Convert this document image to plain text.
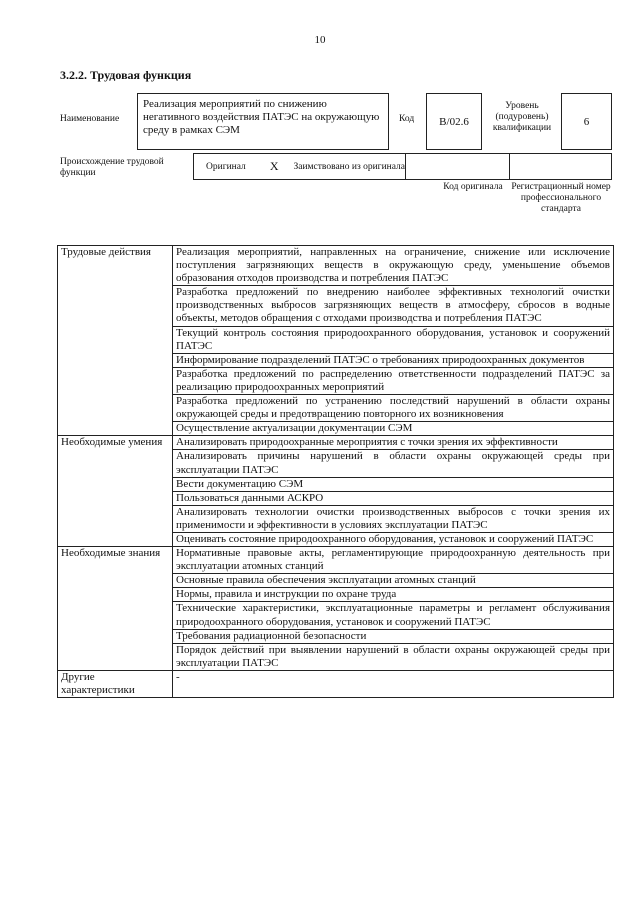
10
3.2.2. Трудовая функция
Наименование
Реализация мероприятий по снижению негативного воздействия ПАТЭС на окружающую среду в рамках СЭМ
Код B/02.6
Уровень (подуровень) квалификации
6
Происхождение трудовой функции
Оригинал X Заимствовано из оригинала
Код оригинала Регистрационный номер профессионального стандарта
Трудовые действия	Реализация мероприятий, направленных на ограничение, снижение или исключение поступления загрязняющих веществ в окружающую среду, уменьшение объемов образования отходов производства и потребления ПАТЭС
	Разработка предложений по внедрению наиболее эффективных технологий очистки производственных выбросов загрязняющих веществ в атмосферу, сбросов в водные объекты, методов обращения с отходами производства и потребления ПАТЭС
	Текущий контроль состояния природоохранного оборудования, установок и сооружений ПАТЭС
	Информирование подразделений ПАТЭС о требованиях природоохранных документов
	Разработка предложений по распределению ответственности подразделений ПАТЭС за реализацию природоохранных мероприятий
	Разработка предложений по устранению последствий нарушений в области охраны окружающей среды и предотвращению повторного их возникновения
	Осуществление актуализации документации СЭМ
Необходимые умения	Анализировать природоохранные мероприятия с точки зрения их эффективности
	Анализировать причины нарушений в области охраны окружающей среды при эксплуатации ПАТЭС
	Вести документацию СЭМ
	Пользоваться данными АСКРО
	Анализировать технологии очистки производственных выбросов с точки зрения их применимости и эффективности в условиях эксплуатации ПАТЭС
	Оценивать состояние природоохранного оборудования, установок и сооружений ПАТЭС
Необходимые знания	Нормативные правовые акты, регламентирующие природоохранную деятельность при эксплуатации атомных станций
	Основные правила обеспечения эксплуатации атомных станций
	Нормы, правила и инструкции по охране труда
	Технические характеристики, эксплуатационные параметры и регламент обслуживания природоохранного оборудования, установок и сооружений ПАТЭС
	Требования радиационной безопасности
	Порядок действий при выявлении нарушений в области охраны окружающей среды при эксплуатации ПАТЭС
Другие характеристики	-
